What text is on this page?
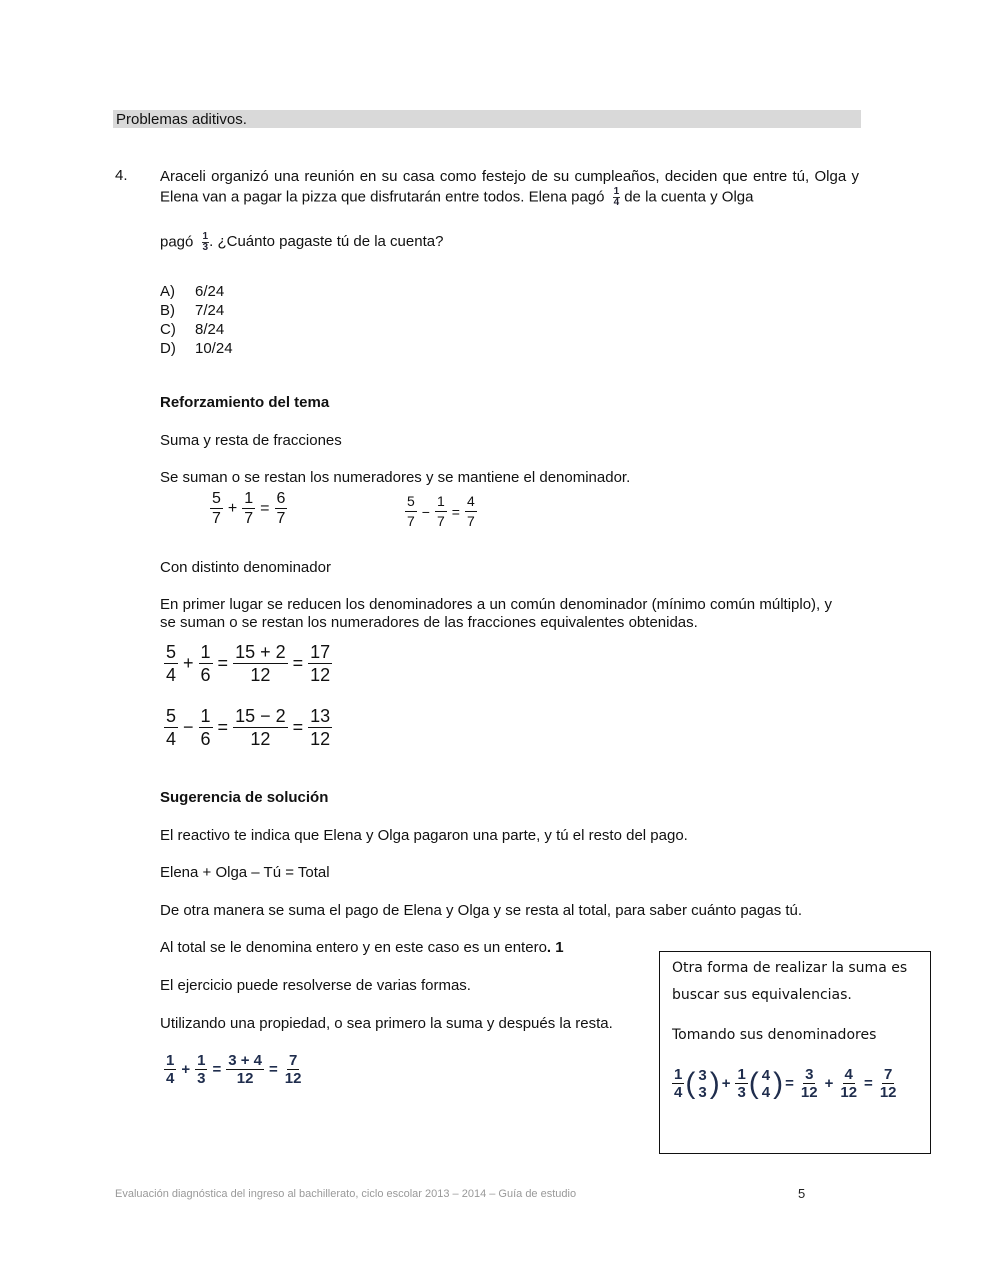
Problemas aditivos.
4. Araceli organizó una reunión en su casa como festejo de su cumpleaños, deciden que entre tú, Olga y Elena van a pagar la pizza que disfrutarán entre todos. Elena pagó $\frac{1}{4}$ de la cuenta y Olga
pagó $\frac{1}{3}$ . ¿Cuánto pagaste tú de la cuenta?
A) 6/24
B) 7/24
C) 8/24
D) 10/24
Reforzamiento del tema
Suma y resta de fracciones
Se suman o se restan los numeradores y se mantiene el denominador.
5
7
+ $\frac{1}{7} = \frac{6}{7}$	5
7
− $\frac{1}{7} = \frac{4}{7}$
Con distinto denominador
En primer lugar se reducen los denominadores a un común denominador (mínimo común múltiplo), y se suman o se restan los numeradores de las fracciones equivalentes obtenidas.
5
4
+ $\frac{1}{6} = \frac{15 + 2}{12} = \frac{17}{12}$
5
4
− $\frac{1}{6} = \frac{15 - 2}{12} = \frac{13}{12}$
Sugerencia de solución
El reactivo te indica que Elena y Olga pagaron una parte, y tú el resto del pago.
Elena + Olga – Tú = Total
De otra manera se suma el pago de Elena y Olga y se resta al total, para saber cuánto pagas tú.
Al total se le denomina entero y en este caso es un entero. 1
El ejercicio puede resolverse de varias formas.
Utilizando una propiedad, o sea primero la suma y después la resta.
1
4
+ $\frac{1}{3} = \frac{3 + 4}{12} = \frac{7}{12}$
Otra forma de realizar la suma es
buscar sus equivalencias.
Tomando sus denominadores
1
4 ( 3
3 ) + $\frac{1}{3}$ ( 4
4 ) = $\frac{3}{12} + \frac{4}{12} = \frac{7}{12}$
Evaluación diagnóstica del ingreso al bachillerato, ciclo escolar 2013 – 2014 – Guía de estudio	5
